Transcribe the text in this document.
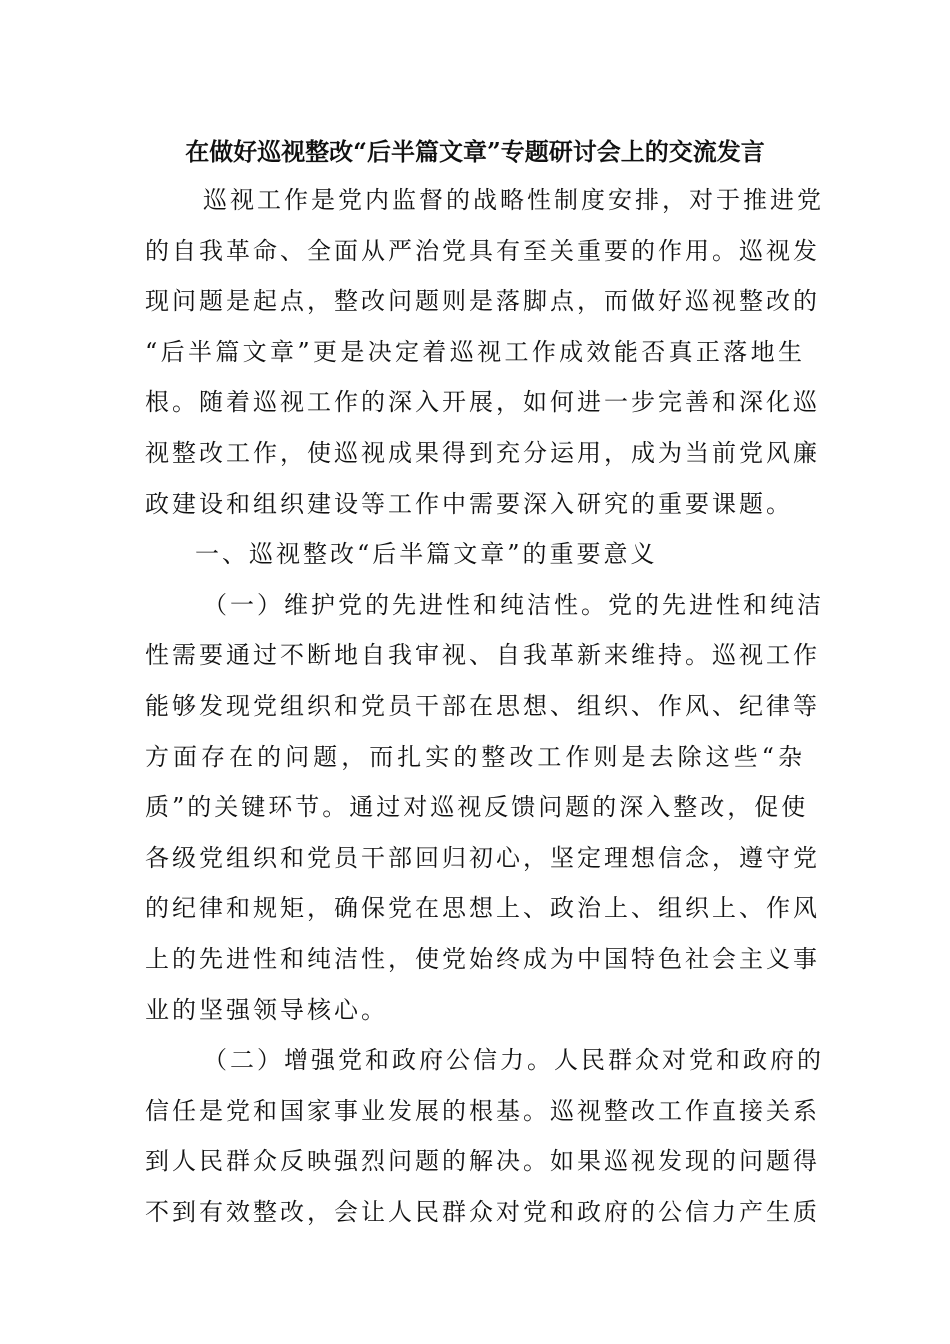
在做好巡视整改“后半篇文章”专题研讨会上的交流发言
巡视工作是党内监督的战略性制度安排，对于推进党
的自我革命、全面从严治党具有至关重要的作用。巡视发
现问题是起点，整改问题则是落脚点，而做好巡视整改的
“后半篇文章”更是决定着巡视工作成效能否真正落地生
根。随着巡视工作的深入开展，如何进一步完善和深化巡
视整改工作，使巡视成果得到充分运用，成为当前党风廉
政建设和组织建设等工作中需要深入研究的重要课题。
一、巡视整改“后半篇文章”的重要意义
（一）维护党的先进性和纯洁性。党的先进性和纯洁
性需要通过不断地自我审视、自我革新来维持。巡视工作
能够发现党组织和党员干部在思想、组织、作风、纪律等
方面存在的问题，而扎实的整改工作则是去除这些“杂
质”的关键环节。通过对巡视反馈问题的深入整改，促使
各级党组织和党员干部回归初心，坚定理想信念，遵守党
的纪律和规矩，确保党在思想上、政治上、组织上、作风
上的先进性和纯洁性，使党始终成为中国特色社会主义事
业的坚强领导核心。
（二）增强党和政府公信力。人民群众对党和政府的
信任是党和国家事业发展的根基。巡视整改工作直接关系
到人民群众反映强烈问题的解决。如果巡视发现的问题得
不到有效整改，会让人民群众对党和政府的公信力产生质
